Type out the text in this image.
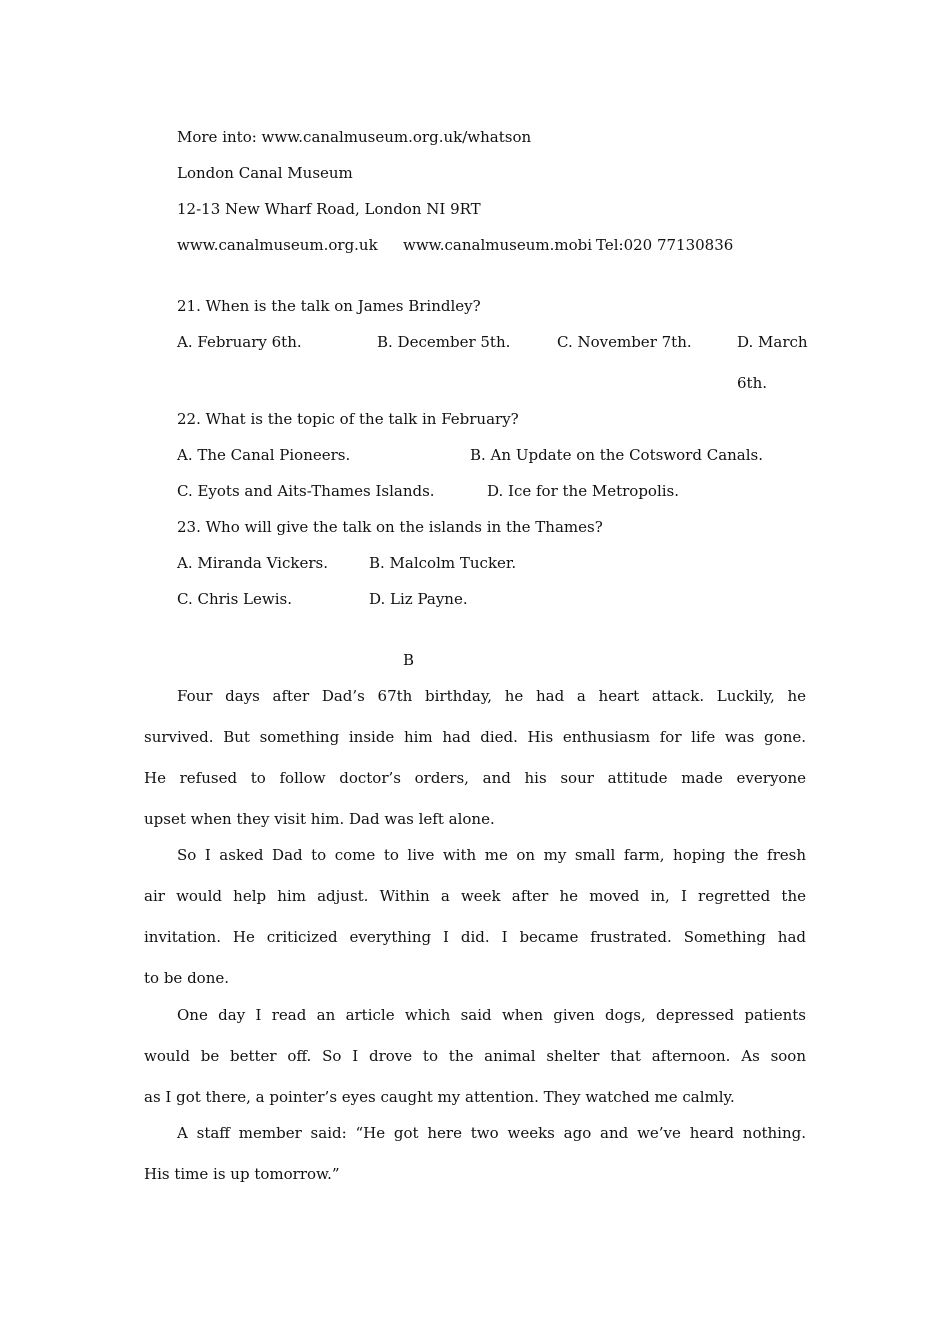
More into: www.canalmuseum.org.uk/whatson
London Canal Museum
12-13 New Wharf Road, London NI 9RT
www.canalmuseum.org.uk www.canalmuseum.mobi Tel:020 77130836
21. When is the talk on James Brindley?
A. February 6th.	B. December 5th.	C. November 7th.	D. March 6th.
22. What is the topic of the talk in February?
A. The Canal Pioneers.	B. An Update on the Cotsword Canals.
C. Eyots and Aits-Thames Islands.	D. Ice for the Metropolis.
23. Who will give the talk on the islands in the Thames?
A. Miranda Vickers.	B. Malcolm Tucker.
C. Chris Lewis.	D. Liz Payne.
B
Four days after Dad’s 67th birthday, he had a heart attack. Luckily, he
survived. But something inside him had died. His enthusiasm for life was gone.
He refused to follow doctor’s orders, and his sour attitude made everyone
upset when they visit him. Dad was left alone.
So I asked Dad to come to live with me on my small farm, hoping the fresh
air would help him adjust. Within a week after he moved in, I regretted the
invitation. He criticized everything I did. I became frustrated. Something had
to be done.
One day I read an article which said when given dogs, depressed patients
would be better off. So I drove to the animal shelter that afternoon. As soon
as I got there, a pointer’s eyes caught my attention. They watched me calmly.
A staff member said: “He got here two weeks ago and we’ve heard nothing.
His time is up tomorrow.”
